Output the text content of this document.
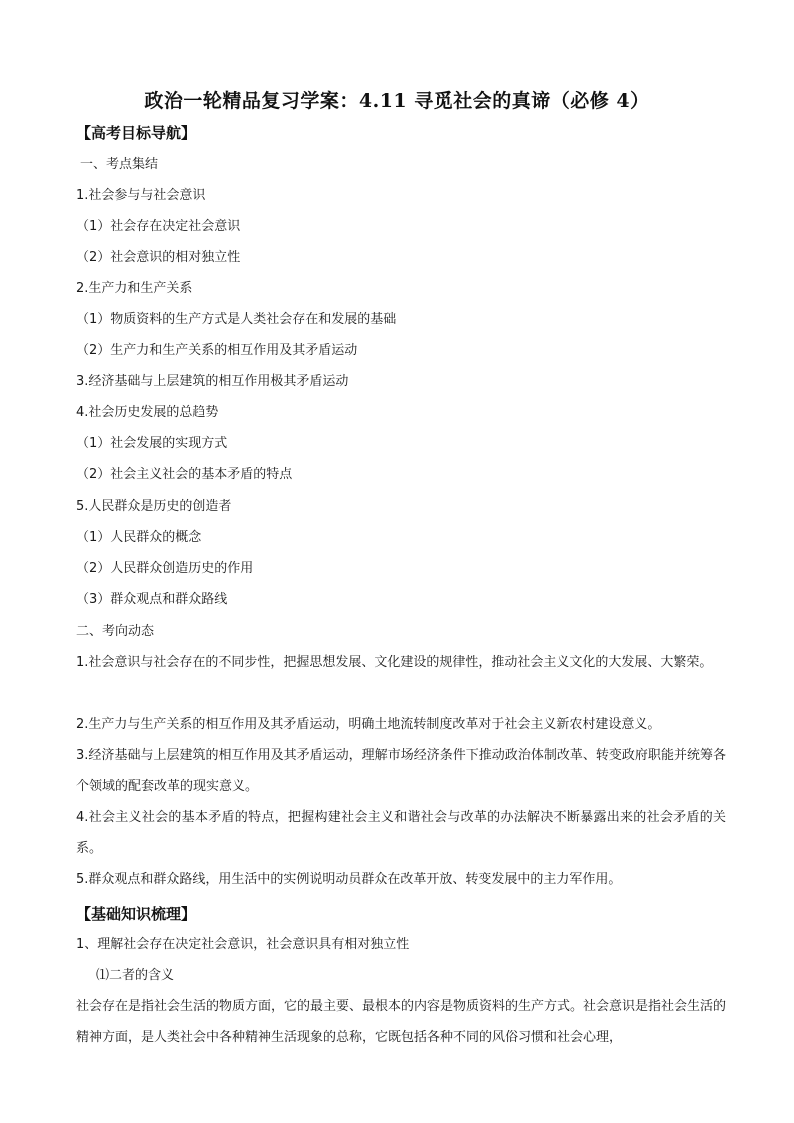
政治一轮精品复习学案：4.11 寻觅社会的真谛（必修 4）
【高考目标导航】
一、考点集结
1.社会参与与社会意识
（1）社会存在决定社会意识
（2）社会意识的相对独立性
2.生产力和生产关系
（1）物质资料的生产方式是人类社会存在和发展的基础
（2）生产力和生产关系的相互作用及其矛盾运动
3.经济基础与上层建筑的相互作用极其矛盾运动
4.社会历史发展的总趋势
（1）社会发展的实现方式
（2）社会主义社会的基本矛盾的特点
5.人民群众是历史的创造者
（1）人民群众的概念
（2）人民群众创造历史的作用
（3）群众观点和群众路线
二、考向动态
1.社会意识与社会存在的不同步性，把握思想发展、文化建设的规律性，推动社会主义文化的大发展、大繁荣。
2.生产力与生产关系的相互作用及其矛盾运动，明确土地流转制度改革对于社会主义新农村建设意义。
3.经济基础与上层建筑的相互作用及其矛盾运动，理解市场经济条件下推动政治体制改革、转变政府职能并统筹各个领域的配套改革的现实意义。
4.社会主义社会的基本矛盾的特点，把握构建社会主义和谐社会与改革的办法解决不断暴露出来的社会矛盾的关系。
5.群众观点和群众路线，用生活中的实例说明动员群众在改革开放、转变发展中的主力军作用。
【基础知识梳理】
1、理解社会存在决定社会意识，社会意识具有相对独立性
⑴二者的含义
社会存在是指社会生活的物质方面，它的最主要、最根本的内容是物质资料的生产方式。社会意识是指社会生活的精神方面，是人类社会中各种精神生活现象的总称，它既包括各种不同的风俗习惯和社会心理，
